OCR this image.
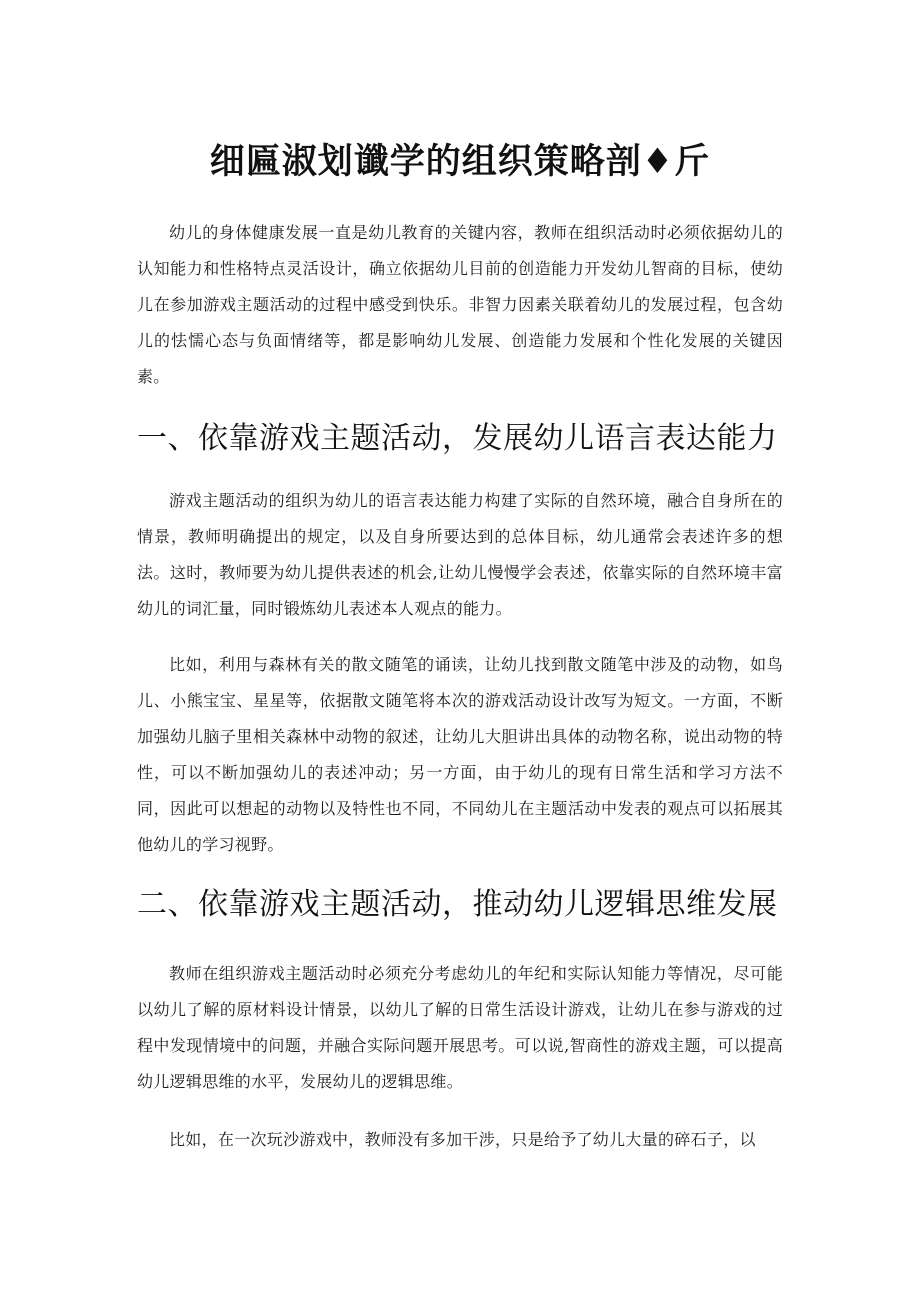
细匾淑划谶学的组织策略剖♦斤

幼儿的身体健康发展一直是幼儿教育的关键内容，教师在组织活动时必须依据幼儿的认知能力和性格特点灵活设计，确立依据幼儿目前的创造能力开发幼儿智商的目标，使幼儿在参加游戏主题活动的过程中感受到快乐。非智力因素关联着幼儿的发展过程，包含幼儿的怯懦心态与负面情绪等，都是影响幼儿发展、创造能力发展和个性化发展的关键因素。

一、依靠游戏主题活动，发展幼儿语言表达能力

游戏主题活动的组织为幼儿的语言表达能力构建了实际的自然环境，融合自身所在的情景，教师明确提出的规定，以及自身所要达到的总体目标，幼儿通常会表述许多的想法。这时，教师要为幼儿提供表述的机会,让幼儿慢慢学会表述，依靠实际的自然环境丰富幼儿的词汇量，同时锻炼幼儿表述本人观点的能力。

比如，利用与森林有关的散文随笔的诵读，让幼儿找到散文随笔中涉及的动物，如鸟儿、小熊宝宝、星星等，依据散文随笔将本次的游戏活动设计改写为短文。一方面，不断加强幼儿脑子里相关森林中动物的叙述，让幼儿大胆讲出具体的动物名称，说出动物的特性，可以不断加强幼儿的表述冲动；另一方面，由于幼儿的现有日常生活和学习方法不同，因此可以想起的动物以及特性也不同，不同幼儿在主题活动中发表的观点可以拓展其他幼儿的学习视野。

二、依靠游戏主题活动，推动幼儿逻辑思维发展

教师在组织游戏主题活动时必须充分考虑幼儿的年纪和实际认知能力等情况，尽可能以幼儿了解的原材料设计情景，以幼儿了解的日常生活设计游戏，让幼儿在参与游戏的过程中发现情境中的问题，并融合实际问题开展思考。可以说,智商性的游戏主题，可以提高幼儿逻辑思维的水平，发展幼儿的逻辑思维。

比如，在一次玩沙游戏中，教师没有多加干涉，只是给予了幼儿大量的碎石子，以
